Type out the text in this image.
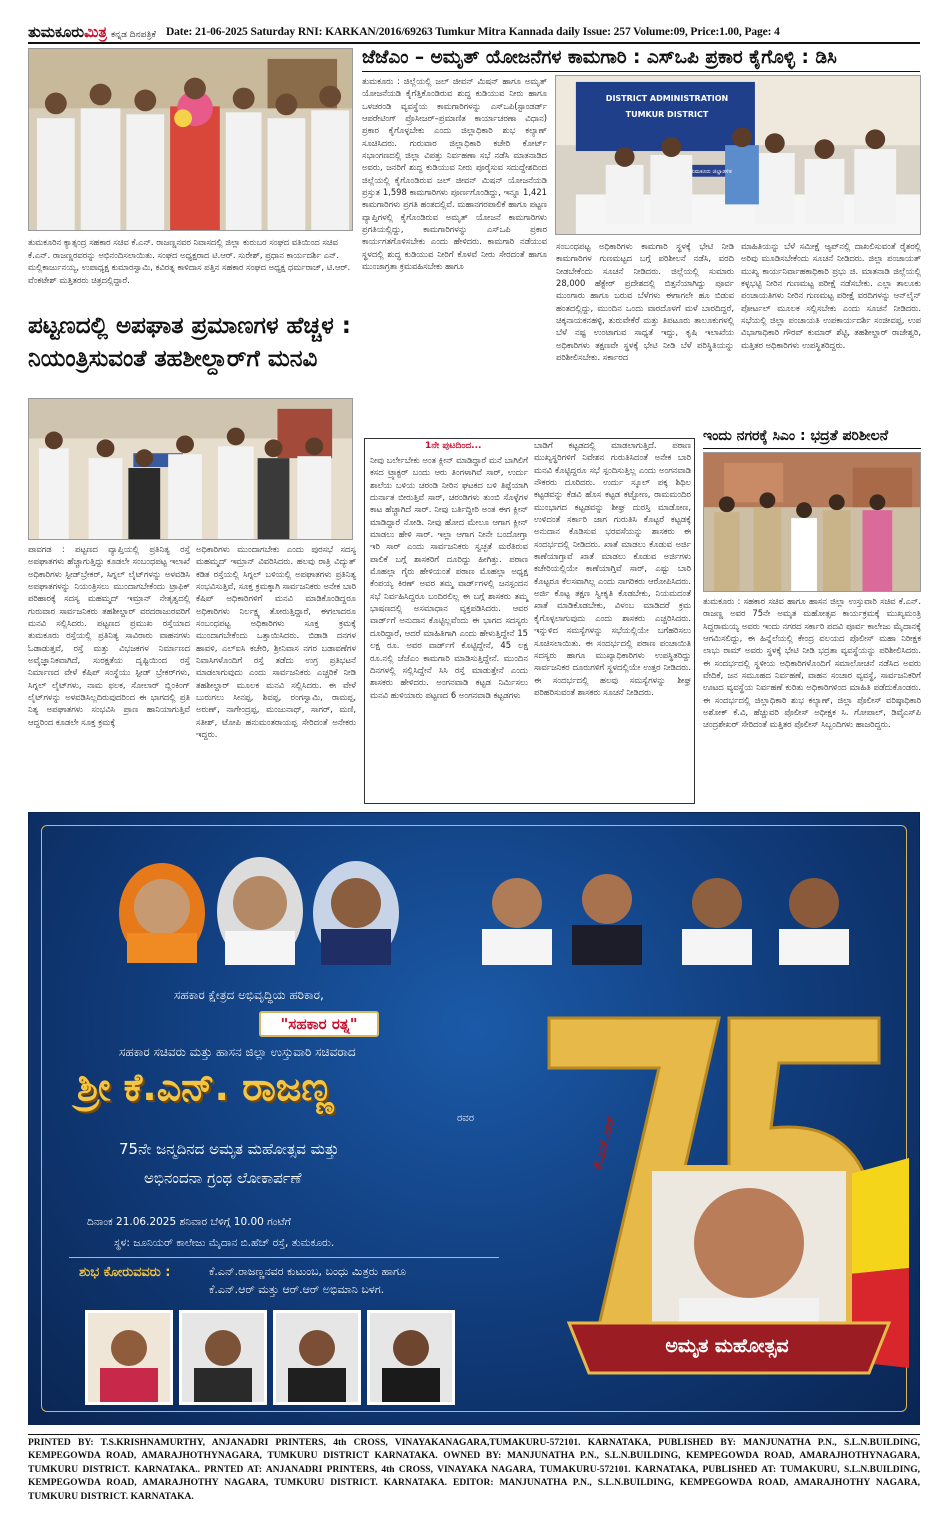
ತುಮಕೂರುಮಿತ್ರ ಕನ್ನಡ ದಿನಪತ್ರಿಕೆ Date: 21-06-2025 Saturday RNI: KARKAN/2016/69263 Tumkur Mitra Kannada daily Issue: 257 Volume:09, Price:1.00, Page: 4
ತುಮಕೂರಿನ ಕ್ಯಾತ್ಸಂದ್ರ ಸಹಕಾರ ಸಚಿವ ಕೆ.ಎನ್. ರಾಜಣ್ಣನವರ ನಿವಾಸದಲ್ಲಿ ಜಿಲ್ಲಾ ಕುರುಬರ ಸಂಘದ ವತಿಯಿಂದ ಸಚಿವ ಕೆ.ಎನ್. ರಾಜಣ್ಣರವರನ್ನು ಅಭಿನಂದಿಸಲಾಯಿತು. ಸಂಘದ ಅಧ್ಯಕ್ಷರಾದ ಟಿ.ಆರ್. ಸುರೇಶ್, ಪ್ರಧಾನ ಕಾರ್ಯದರ್ಶಿ ಎನ್. ಮಲ್ಲಿಕಾರ್ಜುನಯ್ಯ, ಉಪಾಧ್ಯಕ್ಷ ಕುಮಾರಸ್ವಾಮಿ, ಕವಿರತ್ನ ಕಾಳಿದಾಸ ಪತ್ತಿನ ಸಹಕಾರ ಸಂಘದ ಅಧ್ಯಕ್ಷ ಧರ್ಮರಾಜ್, ಟಿ.ಆರ್. ವೆಂಕಟೇಶ್ ಮತ್ತಿತರರು ಚಿತ್ರದಲ್ಲಿದ್ದಾರೆ.
ಜೆಜೆಎಂ – ಅಮೃತ್ ಯೋಜನೆಗಳ ಕಾಮಗಾರಿ : ಎಸ್‌ಒಪಿ ಪ್ರಕಾರ ಕೈಗೊಳ್ಳಿ : ಡಿಸಿ
ತುಮಕೂರು : ಜಿಲ್ಲೆಯಲ್ಲಿ ಜಲ್ ಜೀವನ್ ಮಿಷನ್ ಹಾಗೂ ಅಮೃತ್ ಯೋಜನೆಯಡಿ ಕೈಗೆತ್ತಿಕೊಂಡಿರುವ ಶುದ್ಧ ಕುಡಿಯುವ ನೀರು ಹಾಗೂ ಒಳಚರಂಡಿ ವ್ಯವಸ್ಥೆಯ ಕಾಮಗಾರಿಗಳನ್ನು ಎಸ್‌ಒಪಿ(ಸ್ಟಾಂಡರ್ಡ್ ಆಪರೇಟಿಂಗ್ ಪ್ರೊಸೀಜರ್–ಪ್ರಮಾಣಿತ ಕಾರ್ಯಾಚರಣಾ ವಿಧಾನ) ಪ್ರಕಾರ ಕೈಗೊಳ್ಳಬೇಕು ಎಂದು ಜಿಲ್ಲಾಧಿಕಾರಿ ಶುಭ ಕಲ್ಯಾಣ್ ಸೂಚಿಸಿದರು. ಗುರುವಾರ ಜಿಲ್ಲಾಧಿಕಾರಿ ಕಚೇರಿ ಕೋರ್ಟ್ ಸಭಾಂಗಣದಲ್ಲಿ ಜಿಲ್ಲಾ ವಿಪತ್ತು ನಿರ್ವಹಣಾ ಸಭೆ ನಡೆಸಿ ಮಾತನಾಡಿದ ಅವರು, ಜನರಿಗೆ ಶುದ್ಧ ಕುಡಿಯುವ ನೀರು ಪೂರೈಸುವ ಸದುದ್ದೇಶದಿಂದ ಜಿಲ್ಲೆಯಲ್ಲಿ ಕೈಗೊಂಡಿರುವ ಜಲ್ ಜೀವನ್ ಮಿಷನ್ ಯೋಜನೆಯಡಿ ಪ್ರಸ್ತುತ 1,598 ಕಾಮಗಾರಿಗಳು ಪೂರ್ಣಗೊಂಡಿದ್ದು, ಇನ್ನೂ 1,421 ಕಾಮಗಾರಿಗಳು ಪ್ರಗತಿ ಹಂತದಲ್ಲಿವೆ. ಮಹಾನಗರಪಾಲಿಕೆ ಹಾಗೂ ಪಟ್ಟಣ ವ್ಯಾಪ್ತಿಗಳಲ್ಲಿ ಕೈಗೊಂಡಿರುವ ಅಮೃತ್ ಯೋಜನೆ ಕಾಮಗಾರಿಗಳು ಪ್ರಗತಿಯಲ್ಲಿದ್ದು, ಕಾಮಗಾರಿಗಳನ್ನು ಎಸ್‌ಒಪಿ ಪ್ರಕಾರ ಕಾರ್ಯಗತಗೊಳಿಸಬೇಕು ಎಂದು ಹೇಳಿದರು. ಕಾಮಗಾರಿ ನಡೆಯುವ ಸ್ಥಳದಲ್ಲಿ ಶುದ್ಧ ಕುಡಿಯುವ ನೀರಿಗೆ ಕೊಳವೆ ನೀರು ಸೇರದಂತೆ ಹಾಗೂ ಮುಂಜಾಗ್ರತಾ ಕ್ರಮವಹಿಸಬೇಕು ಹಾಗೂ
DISTRICT ADMINISTRATION
TUMKUR DISTRICT
ತುಮಕೂರು ಜಿಲ್ಲಾಡಳಿತ
ಸಂಬಂಧಪಟ್ಟ ಅಧಿಕಾರಿಗಳು ಕಾಮಗಾರಿ ಸ್ಥಳಕ್ಕೆ ಭೇಟಿ ನೀಡಿ ಕಾಮಗಾರಿಗಳ ಗುಣಮಟ್ಟದ ಬಗ್ಗೆ ಪರಿಶೀಲನೆ ನಡೆಸಿ, ವರದಿ ನೀಡಬೇಕೆಂದು ಸೂಚನೆ ನೀಡಿದರು. ಜಿಲ್ಲೆಯಲ್ಲಿ ಸುಮಾರು 28,000 ಹೆಕ್ಟೇರ್ ಪ್ರದೇಶದಲ್ಲಿ ಬಿತ್ತನೆಯಾಗಿದ್ದು ಪೂರ್ವ ಮುಂಗಾರು ಹಾಗೂ ಬರುವ ಬೆಳೆಗಳು ಈಗಾಗಲೇ ಹೂ ಬಿಡುವ ಹಂತದಲ್ಲಿದ್ದು, ಮುಂದಿನ ಒಂದು ವಾರದೊಳಗೆ ಮಳೆ ಬಾರದಿದ್ದರೆ, ಚಿಕ್ಕನಾಯಕನಹಳ್ಳಿ, ತುರುವೇಕೆರೆ ಮತ್ತು ತಿಪಟೂರು ತಾಲೂಕುಗಳಲ್ಲಿ ಬೆಳೆ ನಷ್ಟ ಉಂಟಾಗುವ ಸಾಧ್ಯತೆ ಇದ್ದು, ಕೃಷಿ ಇಲಾಖೆಯ ಅಧಿಕಾರಿಗಳು ತಕ್ಷಣವೇ ಸ್ಥಳಕ್ಕೆ ಭೇಟಿ ನೀಡಿ ಬೆಳೆ ಪರಿಸ್ಥಿತಿಯನ್ನು ಪರಿಶೀಲಿಸಬೇಕು. ಸರ್ಕಾರದ
ಮಾಹಿತಿಯನ್ನು ಬೆಳೆ ಸಮೀಕ್ಷೆ ಆ್ಯಪ್‌ನಲ್ಲಿ ದಾಖಲಿಸುವಂತೆ ರೈತರಲ್ಲಿ ಅರಿವು ಮೂಡಿಸಬೇಕೆಂದು ಸೂಚನೆ ನೀಡಿದರು. ಜಿಲ್ಲಾ ಪಂಚಾಯತ್ ಮುಖ್ಯ ಕಾರ್ಯನಿರ್ವಾಹಕಾಧಿಕಾರಿ ಪ್ರಭು ಜಿ. ಮಾತನಾಡಿ ಜಿಲ್ಲೆಯಲ್ಲಿ ಕಳ್ಳಭಟ್ಟಿ ನೀರಿನ ಗುಣಮಟ್ಟ ಪರೀಕ್ಷೆ ನಡೆಸಬೇಕು. ಎಲ್ಲಾ ತಾಲೂಕು ಪಂಚಾಯತಿಗಳು ನೀರಿನ ಗುಣಮಟ್ಟ ಪರೀಕ್ಷೆ ವರದಿಗಳನ್ನು ಆನ್‌ಲೈನ್ ಪೋರ್ಟಲ್ ಮೂಲಕ ಸಲ್ಲಿಸಬೇಕು ಎಂದು ಸೂಚನೆ ನೀಡಿದರು. ಸಭೆಯಲ್ಲಿ ಜಿಲ್ಲಾ ಪಂಚಾಯತಿ ಉಪಕಾರ್ಯದರ್ಶಿ ಸಂಜೀವಪ್ಪ, ಉಪ ವಿಭಾಗಾಧಿಕಾರಿ ಗೌರವ್ ಕುಮಾರ್ ಶೆಟ್ಟಿ, ತಹಶೀಲ್ದಾರ್ ರಾಜೇಶ್ವರಿ, ಮತ್ತಿತರ ಅಧಿಕಾರಿಗಳು ಉಪಸ್ಥಿತರಿದ್ದರು.
ಪಟ್ಟಣದಲ್ಲಿ ಅಪಘಾತ ಪ್ರಮಾಣಗಳ ಹೆಚ್ಚಳ :
ನಿಯಂತ್ರಿಸುವಂತೆ ತಹಶೀಲ್ದಾರ್‌ಗೆ ಮನವಿ
ಪಾವಗಡ : ಪಟ್ಟಣದ ವ್ಯಾಪ್ತಿಯಲ್ಲಿ ಪ್ರತಿನಿತ್ಯ ರಸ್ತೆ ಅಪಘಾತಗಳು ಹೆಚ್ಚಾಗುತ್ತಿದ್ದು ಕೂಡಲೇ ಸಂಬಂಧಪಟ್ಟ ಇಲಾಖೆ ಅಧಿಕಾರಿಗಳು ಸ್ಪೀಡ್‌ಬ್ರೇಕರ್, ಸಿಗ್ನಲ್ ಲೈಟ್‌ಗಳನ್ನು ಅಳವಡಿಸಿ ಅಪಘಾತಗಳನ್ನು ನಿಯಂತ್ರಿಸಲು ಮುಂದಾಗಬೇಕೆಂದು ಟ್ರಾಫಿಕ್ ಪರಿಹಾರಕ್ಕೆ ಸದಸ್ಯ ಮಹಮ್ಮದ್ ಇಮ್ರಾನ್ ನೇತೃತ್ವದಲ್ಲಿ ಗುರುವಾರ ಸಾರ್ವಜನಿಕರು ತಹಶೀಲ್ದಾರ್ ವರದರಾಜುರವರಿಗೆ ಮನವಿ ಸಲ್ಲಿಸಿದರು. ಪಟ್ಟಣದ ಪ್ರಮುಖ ರಸ್ತೆಯಾದ ತುಮಕೂರು ರಸ್ತೆಯಲ್ಲಿ ಪ್ರತಿನಿತ್ಯ ಸಾವಿರಾರು ವಾಹನಗಳು ಓಡಾಡುತ್ತವೆ, ರಸ್ತೆ ಮತ್ತು ವಿಭಜಕಗಳ ನಿರ್ಮಾಣದ ಅವೈಜ್ಞಾನಿಕವಾಗಿದೆ, ಸುರಕ್ಷತೆಯ ದೃಷ್ಟಿಯಿಂದ ರಸ್ತೆ ನಿರ್ಮಾಣದ ವೇಳೆ ಕೆಷಿಪ್ ಸಂಸ್ಥೆಯು ಸ್ಪೀಡ್ ಬ್ರೇಕರ್‌ಗಳು, ಸಿಗ್ನಲ್ ಲೈಟ್‌ಗಳು, ನಾಮ ಫಲಕ, ಸೋಲಾರ್ ಬ್ಲಿಂಕಿಂಗ್ ಲೈಟ್‌ಗಳನ್ನು ಅಳವಡಿಸಿಲ್ಲದಿರುವುದರಿಂದ ಈ ಭಾಗದಲ್ಲಿ ಪ್ರತಿ ನಿತ್ಯ ಅಪಘಾತಗಳು ಸಂಭವಿಸಿ ಪ್ರಾಣ ಹಾನಿಯಾಗುತ್ತಿವೆ ಆದ್ದರಿಂದ ಕೂಡಲೇ ಸೂಕ್ತ ಕ್ರಮಕ್ಕೆ
ಅಧಿಕಾರಿಗಳು ಮುಂದಾಗಬೇಕು ಎಂದು ಪುರಸಭೆ ಸದಸ್ಯ ಮಹಮ್ಮದ್ ಇಮ್ರಾನ್ ವಿವರಿಸಿದರು. ಹಲವು ರಾತ್ರಿ ವಿದ್ಯುತ್ ಕಡಿತ ರಸ್ತೆಯಲ್ಲಿ ಸಿಗ್ನಲ್ ಬಳಿಯಲ್ಲಿ ಅಪಘಾತಗಳು ಪ್ರತಿನಿತ್ಯ ಸಂಭವಿಸುತ್ತಿವೆ, ಸೂಕ್ತ ಕ್ರಮಕ್ಕಾಗಿ ಸಾರ್ವಜನಿಕರು ಅನೇಕ ಬಾರಿ ಕೆಷಿಪ್ ಅಧಿಕಾರಿಗಳಿಗೆ ಮನವಿ ಮಾಡಿಕೊಂಡಿದ್ದರೂ ಅಧಿಕಾರಿಗಳು ನಿರ್ಲಕ್ಷ್ಯ ತೋರುತ್ತಿದ್ದಾರೆ, ಈಗಲಾದರೂ ಸಂಬಂಧಪಟ್ಟ ಅಧಿಕಾರಿಗಳು ಸೂಕ್ತ ಕ್ರಮಕ್ಕೆ ಮುಂದಾಗಬೇಕೆಂದು ಒತ್ತಾಯಿಸಿದರು. ಬಿಡಾಡಿ ದನಗಳ ಹಾವಳಿ, ಎಲ್‌ಐಸಿ ಕಚೇರಿ, ಶ್ರೀನಿವಾಸ ನಗರ ಬಡಾವಣೆಗಳ ನಿವಾಸಿಗಳೊಂದಿಗೆ ರಸ್ತೆ ತಡೆದು ಉಗ್ರ ಪ್ರತಿಭಟನೆ ಮಾಡಲಾಗುವುದು ಎಂದು ಸಾರ್ವಜನಿಕರು ಎಚ್ಚರಿಕೆ ನೀಡಿ ತಹಶೀಲ್ದಾರ್ ಮೂಲಕ ಮನವಿ ಸಲ್ಲಿಸಿದರು. ಈ ವೇಳೆ ಬುರುಗಲು ಸೀನಪ್ಪ, ಶಿವಪ್ಪ, ರಂಗಸ್ವಾಮಿ, ರಾಮಪ್ಪ, ಅರುಣ್, ನಾಗೇಂದ್ರಪ್ಪ, ಮಂಜುನಾಥ್, ಸಾಗರ್, ಮಣಿ, ಸತೀಶ್, ಟೋಪಿ ಹನುಮಂತರಾಯಪ್ಪ ಸೇರಿದಂತೆ ಅನೇಕರು ಇದ್ದರು.
1ನೇ ಪುಟದಿಂದ...
ನೀವು ಬರ್ಲೇಬೇಕು ಅಂತ ಕ್ಲೀನ್ ಮಾಡಿದ್ದಾರೆ ಮನೆ ಬಾಗಿಲಿಗೆ ಕಸದ ಟ್ರ್ಯಾಕ್ಟರ್ ಬಂದು ಆರು ತಿಂಗಳಾಗಿವೆ ಸಾರ್, ಉರ್ದು ಶಾಲೆಯ ಬಳಿಯ ಚರಂಡಿ ನೀರಿನ ಘಟಕದ ಬಳಿ ತಿಪ್ಪೆಯಾಗಿ ದುರ್ನಾತ ಬೀರುತ್ತಿವೆ ಸಾರ್, ಚರಂಡಿಗಳು ತುಂಬಿ ಸೊಳ್ಳೆಗಳ ಕಾಟ ಹೆಚ್ಚಾಗಿದೆ ಸಾರ್. ನೀವು ಬರ್ತಿದ್ದೀರಿ ಅಂತ ಈಗ ಕ್ಲೀನ್ ಮಾಡಿದ್ದಾರೆ ನೋಡಿ. ನೀವು ಹೋದ ಮೇಲೂ ಆಗಾಗ ಕ್ಲೀನ್ ಮಾಡಲು ಹೇಳಿ ಸಾರ್. ಇಲ್ಲಾ ಆಗಾಗ ನೀನೇ ಬಂದೋಗ್ತಾ ಇರಿ ಸಾರ್ ಎಂದು ಸಾರ್ವಜನಿಕರು ಸ್ವಚ್ಛತೆ ಮರೆತಿರುವ ಪಾಲಿಕೆ ಬಗ್ಗೆ ಶಾಸಕರಿಗೆ ದೂರಿದ್ದು ಹೀಗಿತ್ತು. ಪಠಾಣ ಮೊಹಲ್ಲಾ ಗೈರು ಹೇಳಿಯಂತೆ ಪಠಾಣ ಮೊಹಲ್ಲಾ ಅಧ್ಯಕ್ಷ ಕೆಂಪಯ್ಯ ಕಿರಣ್ ಅವರ ತಮ್ಮ ವಾರ್ಡ್‌ಗಳಲ್ಲಿ ಜನಸ್ಪಂದನ ಸಭೆ ನಿರ್ವಹಿಸಿದ್ದರೂ ಬಂದಿರಲಿಲ್ಲ ಈ ಬಗ್ಗೆ ಶಾಸಕರು ತಮ್ಮ ಭಾಷಣದಲ್ಲಿ ಅಸಮಾಧಾನ ವ್ಯಕ್ತಪಡಿಸಿದರು. ಆವರ ವಾರ್ಡ್‌ಗೆ ಅನುದಾನ ಕೊಟ್ಟಿಲ್ಲವೆಂದು ಈ ಭಾಗದ ಸದಸ್ಯರು ದೂರಿದ್ದಾರೆ, ಆದರೆ ಮಾಹಿತಿಗಾಗಿ ಎಂದು ಹೇಳುತ್ತಿದ್ದೇನೆ 15 ಲಕ್ಷ ರೂ. ಅವರ ವಾರ್ಡ್‌ಗೆ ಕೊಟ್ಟಿದ್ದೇನೆ, 45 ಲಕ್ಷ ರೂ.ನಲ್ಲಿ ಜೆಜೆಎಂ ಕಾಮಗಾರಿ ಮಾಡಿಸುತ್ತಿದ್ದೇನೆ. ಮುಂದಿನ ದಿನಗಳಲ್ಲಿ ಸಲ್ಲಿಸಿದ್ದೇನೆ ಸಿಸಿ ರಸ್ತೆ ಮಾಡುತ್ತೇನೆ ಎಂದು ಶಾಸಕರು ಹೇಳಿದರು. ಅಂಗನವಾಡಿ ಕಟ್ಟಡ ನಿರ್ಮಿಸಲು ಮನವಿ ಹುಳಿಯಾರು ಪಟ್ಟಣದ 6 ಅಂಗನವಾಡಿ ಕಟ್ಟಡಗಳು
ಬಾಡಿಗೆ ಕಟ್ಟಡದಲ್ಲಿ ಮಾಡಲಾಗುತ್ತಿದೆ. ಪಠಾಣ ಮುಖ್ಯಸ್ಥರಿಗಳಿಗೆ ನಿವೇಶನ ಗುರುತಿಸಿದಂತೆ ಅನೇಕ ಬಾರಿ ಮನವಿ ಕೊಟ್ಟಿದ್ದರೂ ಸಭೆ ಸ್ಪಂದಿಸುತ್ತಿಲ್ಲ ಎಂದು ಅಂಗನವಾಡಿ ನೌಕರರು ದೂರಿದರು. ಉರ್ದು ಸ್ಕೂಲ್ ಪಕ್ಕ ಶಿಥಿಲ ಕಟ್ಟಡವನ್ನು ಕೆಡವಿ ಹೊಸ ಕಟ್ಟಡ ಕಟ್ಟೋಣ, ರಾಮಮಂದಿರ ಮುಂಭಾಗದ ಕಟ್ಟಡವನ್ನು ಶೀಘ್ರ ದುರಸ್ತಿ ಮಾಡೋಣ, ಉಳಿದಂತೆ ಸರ್ಕಾರಿ ಜಾಗ ಗುರುತಿಸಿ ಕೊಟ್ಟರೆ ಕಟ್ಟಡಕ್ಕೆ ಅನುದಾನ ಕೊಡಿಸುವ ಭರವಸೆಯನ್ನು ಶಾಸಕರು ಈ ಸಂದರ್ಭದಲ್ಲಿ ನೀಡಿದರು. ಖಾತೆ ಮಾಡಲು ಕೊಡುವ ಅರ್ಜಿ ಕಾಣೆಯಾಗ್ತಾವೆ ಖಾತೆ ಮಾಡಲು ಕೊಡುವ ಅರ್ಜಿಗಳು ಕಚೇರಿಯಲ್ಲಿಯೇ ಕಾಣೆಯಾಗ್ತಿವೆ ಸಾರ್, ಎಷ್ಟು ಬಾರಿ ಕೊಟ್ಟರೂ ಕೆಲಸವಾಗಿಲ್ಲ ಎಂದು ನಾಗರಿಕರು ಆರೋಪಿಸಿದರು. ಅರ್ಜಿ ಕೊಟ್ಟ ತಕ್ಷಣ ಸ್ವೀಕೃತಿ ಕೊಡಬೇಕು, ನಿಯಮದಂತೆ ಖಾತೆ ಮಾಡಿಕೊಡಬೇಕು, ವಿಳಂಬ ಮಾಡಿದರೆ ಕ್ರಮ ಕೈಗೊಳ್ಳಲಾಗುವುದು ಎಂದು ಶಾಸಕರು ಎಚ್ಚರಿಸಿದರು. ಇನ್ನುಳಿದ ಸಮಸ್ಯೆಗಳನ್ನು ಸಭೆಯಲ್ಲಿಯೇ ಬಗೆಹರಿಸಲು ಸೂಚಿಸಲಾಯಿತು. ಈ ಸಂದರ್ಭದಲ್ಲಿ ಪಠಾಣ ಪಂಚಾಯಿತಿ ಸದಸ್ಯರು ಹಾಗೂ ಮುಖ್ಯಾಧಿಕಾರಿಗಳು ಉಪಸ್ಥಿತರಿದ್ದು ಸಾರ್ವಜನಿಕರ ದೂರುಗಳಿಗೆ ಸ್ಥಳದಲ್ಲಿಯೇ ಉತ್ತರ ನೀಡಿದರು. ಈ ಸಂದರ್ಭದಲ್ಲಿ ಹಲವು ಸಮಸ್ಯೆಗಳನ್ನು ಶೀಘ್ರ ಪರಿಹರಿಸುವಂತೆ ಶಾಸಕರು ಸೂಚನೆ ನೀಡಿದರು.
ಇಂದು ನಗರಕ್ಕೆ ಸಿಎಂ : ಭದ್ರತೆ ಪರಿಶೀಲನೆ
ತುಮಕೂರು : ಸಹಕಾರ ಸಚಿವ ಹಾಗೂ ಹಾಸನ ಜಿಲ್ಲಾ ಉಸ್ತುವಾರಿ ಸಚಿವ ಕೆ.ಎನ್. ರಾಜಣ್ಣ ಅವರ 75ನೇ ಅಮೃತ ಮಹೋತ್ಸವ ಕಾರ್ಯಕ್ರಮಕ್ಕೆ ಮುಖ್ಯಮಂತ್ರಿ ಸಿದ್ದರಾಮಯ್ಯ ಅವರು ಇಂದು ನಗರದ ಸರ್ಕಾರಿ ಪದವಿ ಪೂರ್ವ ಕಾಲೇಜು ಮೈದಾನಕ್ಕೆ ಆಗಮಿಸಲಿದ್ದು, ಈ ಹಿನ್ನೆಲೆಯಲ್ಲಿ ಕೇಂದ್ರ ವಲಯದ ಪೊಲೀಸ್ ಮಹಾ ನಿರೀಕ್ಷಕ ಲಾಭು ರಾಮ್ ಅವರು ಸ್ಥಳಕ್ಕೆ ಭೇಟಿ ನೀಡಿ ಭದ್ರತಾ ವ್ಯವಸ್ಥೆಯನ್ನು ಪರಿಶೀಲಿಸಿದರು. ಈ ಸಂದರ್ಭದಲ್ಲಿ ಸ್ಥಳೀಯ ಅಧಿಕಾರಿಗಳೊಂದಿಗೆ ಸಮಾಲೋಚನೆ ನಡೆಸಿದ ಅವರು ವೇದಿಕೆ, ಜನ ಸಮೂಹದ ನಿರ್ವಹಣೆ, ವಾಹನ ಸಂಚಾರ ವ್ಯವಸ್ಥೆ, ಸಾರ್ವಜನಿಕರಿಗೆ ಊಟದ ವ್ಯವಸ್ಥೆಯ ನಿರ್ವಹಣೆ ಕುರಿತು ಅಧಿಕಾರಿಗಳಿಂದ ಮಾಹಿತಿ ಪಡೆದುಕೊಂಡರು. ಈ ಸಂದರ್ಭದಲ್ಲಿ ಜಿಲ್ಲಾಧಿಕಾರಿ ಶುಭ ಕಲ್ಯಾಣ್, ಜಿಲ್ಲಾ ಪೊಲೀಸ್ ವರಿಷ್ಠಾಧಿಕಾರಿ ಅಶೋಕ್ ಕೆ.ವಿ, ಹೆಚ್ಚುವರಿ ಪೊಲೀಸ್ ಅಧೀಕ್ಷಕ ಸಿ. ಗೋಪಾಲ್, ಡಿವೈಎಸ್‌ಪಿ ಚಂದ್ರಶೇಖರ್ ಸೇರಿದಂತೆ ಮತ್ತಿತರ ಪೊಲೀಸ್ ಸಿಬ್ಬಂದಿಗಳು ಹಾಜರಿದ್ದರು.
ಸಹಕಾರ ಕ್ಷೇತ್ರದ ಅಭಿವೃದ್ಧಿಯ ಹರಿಕಾರ,
"ಸಹಕಾರ ರತ್ನ"
ಸಹಕಾರ ಸಚಿವರು ಮತ್ತು ಹಾಸನ ಜಿಲ್ಲಾ ಉಸ್ತುವಾರಿ ಸಚಿವರಾದ
ಶ್ರೀ ಕೆ.ಎನ್. ರಾಜಣ್ಣ
ರವರ
75ನೇ ಜನ್ಮದಿನದ ಅಮೃತ ಮಹೋತ್ಸವ ಮತ್ತು
ಅಭಿನಂದನಾ ಗ್ರಂಥ ಲೋಕಾರ್ಪಣೆ
ದಿನಾಂಕ 21.06.2025 ಶನಿವಾರ ಬೆಳಿಗ್ಗೆ 10.00 ಗಂಟೆಗೆ
ಸ್ಥಳ: ಜೂನಿಯರ್ ಕಾಲೇಜು ಮೈದಾನ ಬಿ.ಹೆಚ್ ರಸ್ತೆ, ತುಮಕೂರು.
ಶುಭ ಕೋರುವವರು :	ಕೆ.ಎನ್.ರಾಜಣ್ಣನವರ ಕುಟುಂಬ, ಬಂಧು ಮಿತ್ರರು ಹಾಗೂ
ಕೆ.ಎನ್.ಆರ್ ಮತ್ತು ಆರ್.ಆರ್ ಅಭಿಮಾನಿ ಬಳಗ.
ಕೆ.ಎನ್.ಆರ್
ಅಮೃತ ಮಹೋತ್ಸವ
PRINTED BY: T.S.KRISHNAMURTHY, ANJANADRI PRINTERS, 4th CROSS, VINAYAKANAGARA,TUMAKURU-572101. KARNATAKA, PUBLISHED BY: MANJUNATHA P.N., S.L.N.BUILDING, KEMPEGOWDA ROAD, AMARAJHOTHYNAGARA, TUMKURU DISTRICT KARNATAKA. OWNED BY: MANJUNATHA P.N., S.L.N.BUILDING, KEMPEGOWDA ROAD, AMARAJHOTHYNAGARA, TUMKURU DISTRICT. KARNATAKA.. PRNTED AT: ANJANADRI PRINTERS, 4th CROSS, VINAYAKA NAGARA, TUMAKURU-572101. KARNATAKA, PUBLISHED AT: TUMAKURU, S.L.N.BUILDING, KEMPEGOWDA ROAD, AMARAJHOTHY NAGARA, TUMKURU DISTRICT. KARNATAKA. EDITOR: MANJUNATHA P.N., S.L.N.BUILDING, KEMPEGOWDA ROAD, AMARAJHOTHY NAGARA, TUMKURU DISTRICT. KARNATAKA.
